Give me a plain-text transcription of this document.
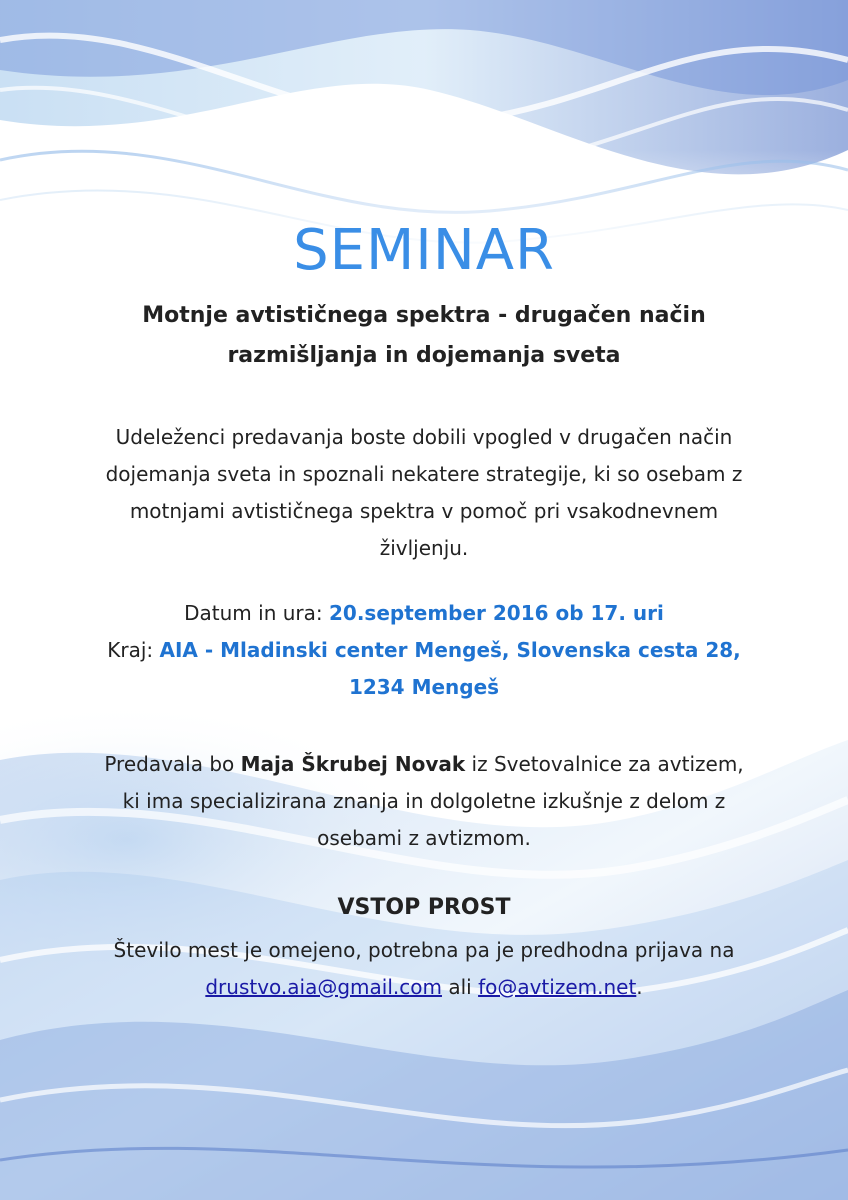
SEMINAR
Motnje avtističnega spektra - drugačen način
razmišljanja in dojemanja sveta
Udeleženci predavanja boste dobili vpogled v drugačen način
dojemanja sveta in spoznali nekatere strategije, ki so osebam z
motnjami avtističnega spektra v pomoč pri vsakodnevnem
življenju.
Datum in ura: 20.september 2016 ob 17. uri
Kraj: AIA - Mladinski center Mengeš, Slovenska cesta 28,
1234 Mengeš
Predavala bo Maja Škrubej Novak iz Svetovalnice za avtizem,
ki ima specializirana znanja in dolgoletne izkušnje z delom z
osebami z avtizmom.
VSTOP PROST
Število mest je omejeno, potrebna pa je predhodna prijava na
drustvo.aia@gmail.com ali fo@avtizem.net.
